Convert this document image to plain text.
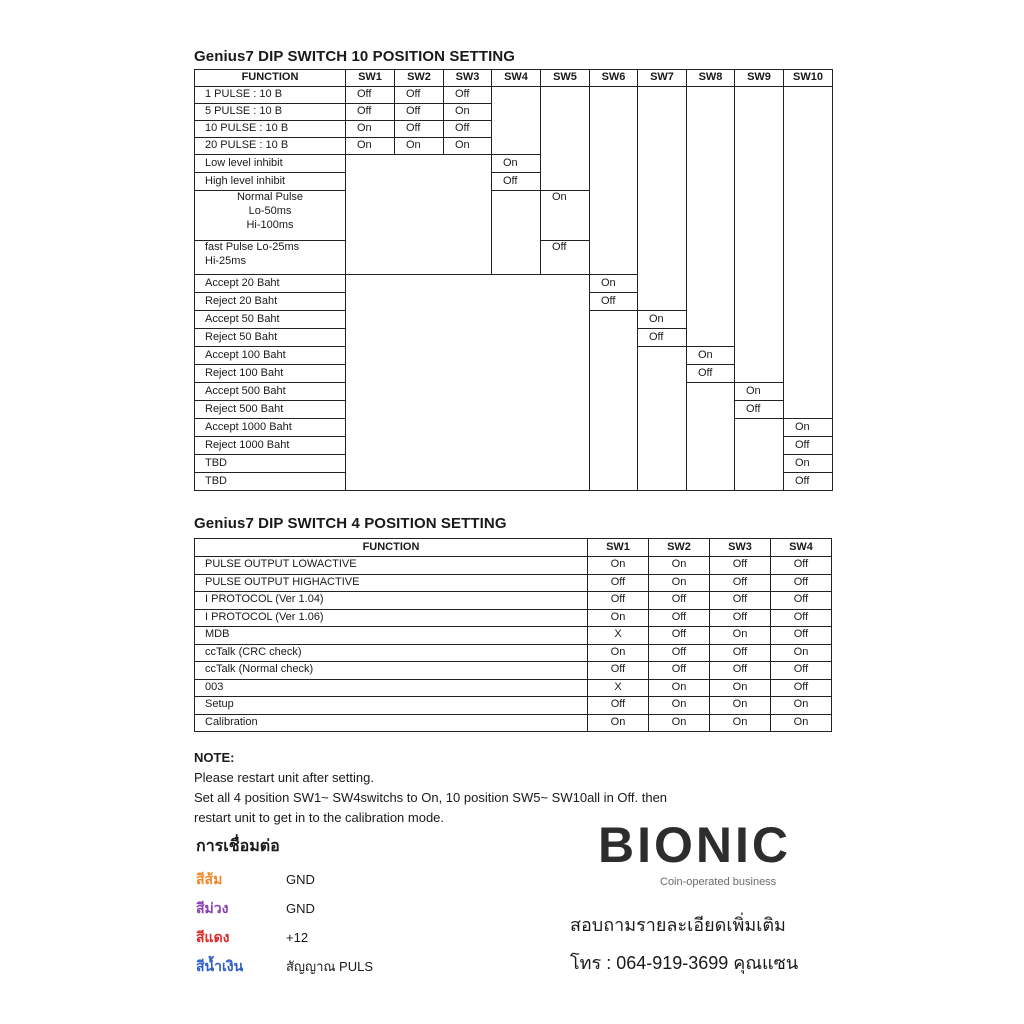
Genius7 DIP SWITCH 10 POSITION SETTING
FUNCTION	SW1	SW2	SW3	SW4	SW5	SW6	SW7	SW8	SW9	SW10
1 PULSE : 10 B	Off	Off	Off							
5 PULSE : 10 B	Off	Off	On							
10 PULSE : 10 B	On	Off	Off							
20 PULSE : 10 B	On	On	On							
Low level inhibit				On						
High level inhibit				Off						
Normal Pulse
Lo-50ms
Hi-100ms					On					
fast Pulse Lo-25ms
Hi-25ms					Off					
Accept 20 Baht						On				
Reject 20 Baht						Off				
Accept 50 Baht							On			
Reject 50 Baht							Off			
Accept 100 Baht								On		
Reject 100 Baht								Off		
Accept 500 Baht									On	
Reject 500 Baht									Off	
Accept 1000 Baht										On
Reject 1000 Baht										Off
TBD										On
TBD										Off
Genius7 DIP SWITCH 4 POSITION SETTING
FUNCTION	SW1	SW2	SW3	SW4
PULSE OUTPUT LOWACTIVE	On	On	Off	Off
PULSE OUTPUT HIGHACTIVE	Off	On	Off	Off
I PROTOCOL (Ver 1.04)	Off	Off	Off	Off
I PROTOCOL (Ver 1.06)	On	Off	Off	Off
MDB	X	Off	On	Off
ccTalk (CRC check)	On	Off	Off	On
ccTalk (Normal check)	Off	Off	Off	Off
003	X	On	On	Off
Setup	Off	On	On	On
Calibration	On	On	On	On
NOTE:
Please restart unit after setting.
Set all 4 position SW1~ SW4switchs to On, 10 position SW5~ SW10all in Off. then
restart unit to get in to the calibration mode.
การเชื่อมต่อ
สีส้ม	GND
สีม่วง	GND
สีแดง	+12
สีน้ำเงิน	สัญญาณ PULS
BIONIC
Coin-operated business
สอบถามรายละเอียดเพิ่มเติม
โทร : 064-919-3699 คุณแซน
